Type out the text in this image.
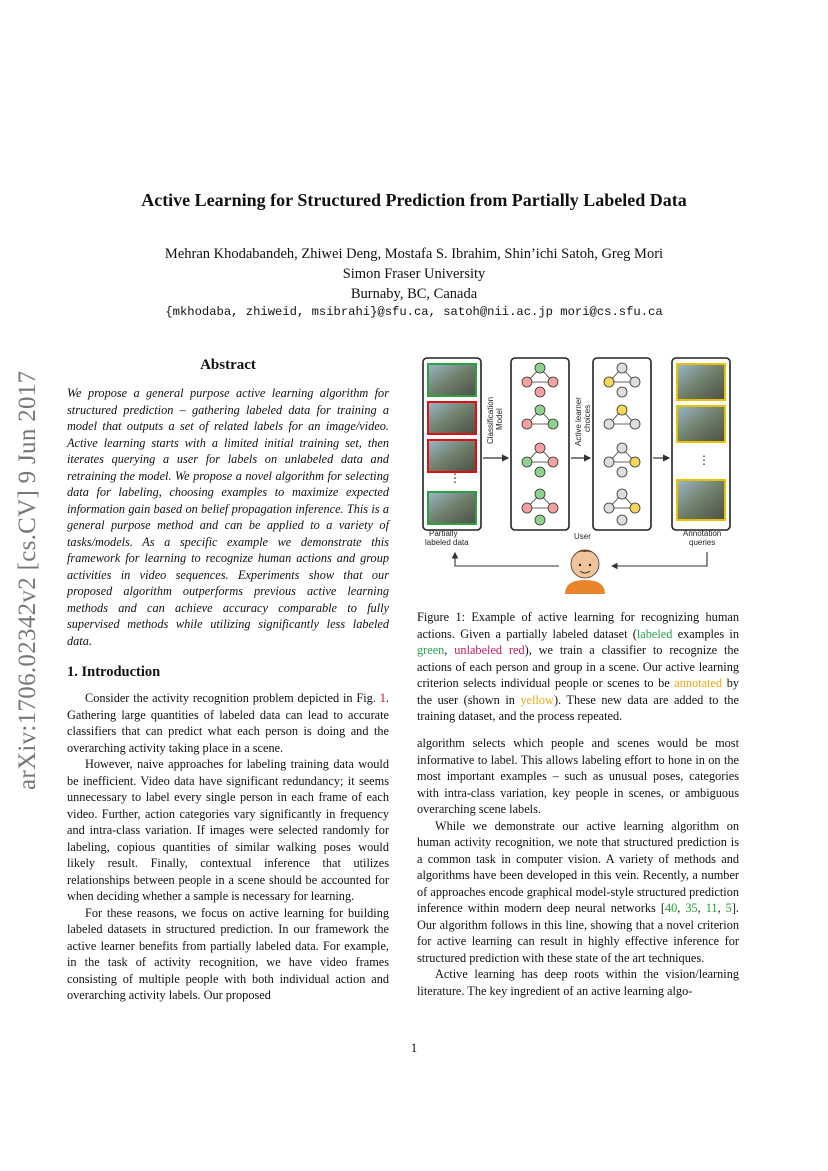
arXiv:1706.02342v2 [cs.CV] 9 Jun 2017
Active Learning for Structured Prediction from Partially Labeled Data
Mehran Khodabandeh, Zhiwei Deng, Mostafa S. Ibrahim, Shin’ichi Satoh, Greg Mori
Simon Fraser University
Burnaby, BC, Canada
{mkhodaba, zhiweid, msibrahi}@sfu.ca, satoh@nii.ac.jp mori@cs.sfu.ca
Abstract

We propose a general purpose active learning algorithm for structured prediction – gathering labeled data for training a model that outputs a set of related labels for an image/video. Active learning starts with a limited initial training set, then iterates querying a user for labels on unlabeled data and retraining the model. We propose a novel algorithm for selecting data for labeling, choosing examples to maximize expected information gain based on belief propagation inference. This is a general purpose method and can be applied to a variety of tasks/models. As a specific example we demonstrate this framework for learning to recognize human actions and group activities in video sequences. Experiments show that our proposed algorithm outperforms previous active learning methods and can achieve accuracy comparable to fully supervised methods while utilizing significantly less labeled data.

1. Introduction

Consider the activity recognition problem depicted in Fig. 1. Gathering large quantities of labeled data can lead to accurate classifiers that can predict what each person is doing and the overarching activity taking place in a scene.

However, naive approaches for labeling training data would be inefficient. Video data have significant redundancy; it seems unnecessary to label every single person in each frame of each video. Further, action categories vary significantly in frequency and intra-class variation. If images were selected randomly for labeling, copious quantities of similar walking poses would likely result. Finally, contextual inference that utilizes relationships between people in a scene should be accounted for when deciding whether a sample is necessary for learning.

For these reasons, we focus on active learning for building labeled datasets in structured prediction. In our framework the active learner benefits from partially labeled data. For example, in the task of activity recognition, we have video frames consisting of multiple people with both individual action and overarching activity labels. Our proposed

⋮
ClassificationModel	Active learnerchoices
⋮
Partially labeled data
User	Annotation queries

Figure 1: Example of active learning for recognizing human actions. Given a partially labeled dataset (labeled examples in green, unlabeled red), we train a classifier to recognize the actions of each person and group in a scene. Our active learning criterion selects individual people or scenes to be annotated by the user (shown in yellow). These new data are added to the training dataset, and the process repeated.

algorithm selects which people and scenes would be most informative to label. This allows labeling effort to hone in on the most important examples – such as unusual poses, categories with intra-class variation, key people in scenes, or ambiguous overarching scene labels.

While we demonstrate our active learning algorithm on human activity recognition, we note that structured prediction is a common task in computer vision. A variety of methods and algorithms have been developed in this vein. Recently, a number of approaches encode graphical model-style structured prediction inference within modern deep neural networks [40, 35, 11, 5]. Our algorithm follows in this line, showing that a novel criterion for active learning can result in highly effective inference for structured prediction with these state of the art techniques.

Active learning has deep roots within the vision/learning literature. The key ingredient of an active learning algo-

1
